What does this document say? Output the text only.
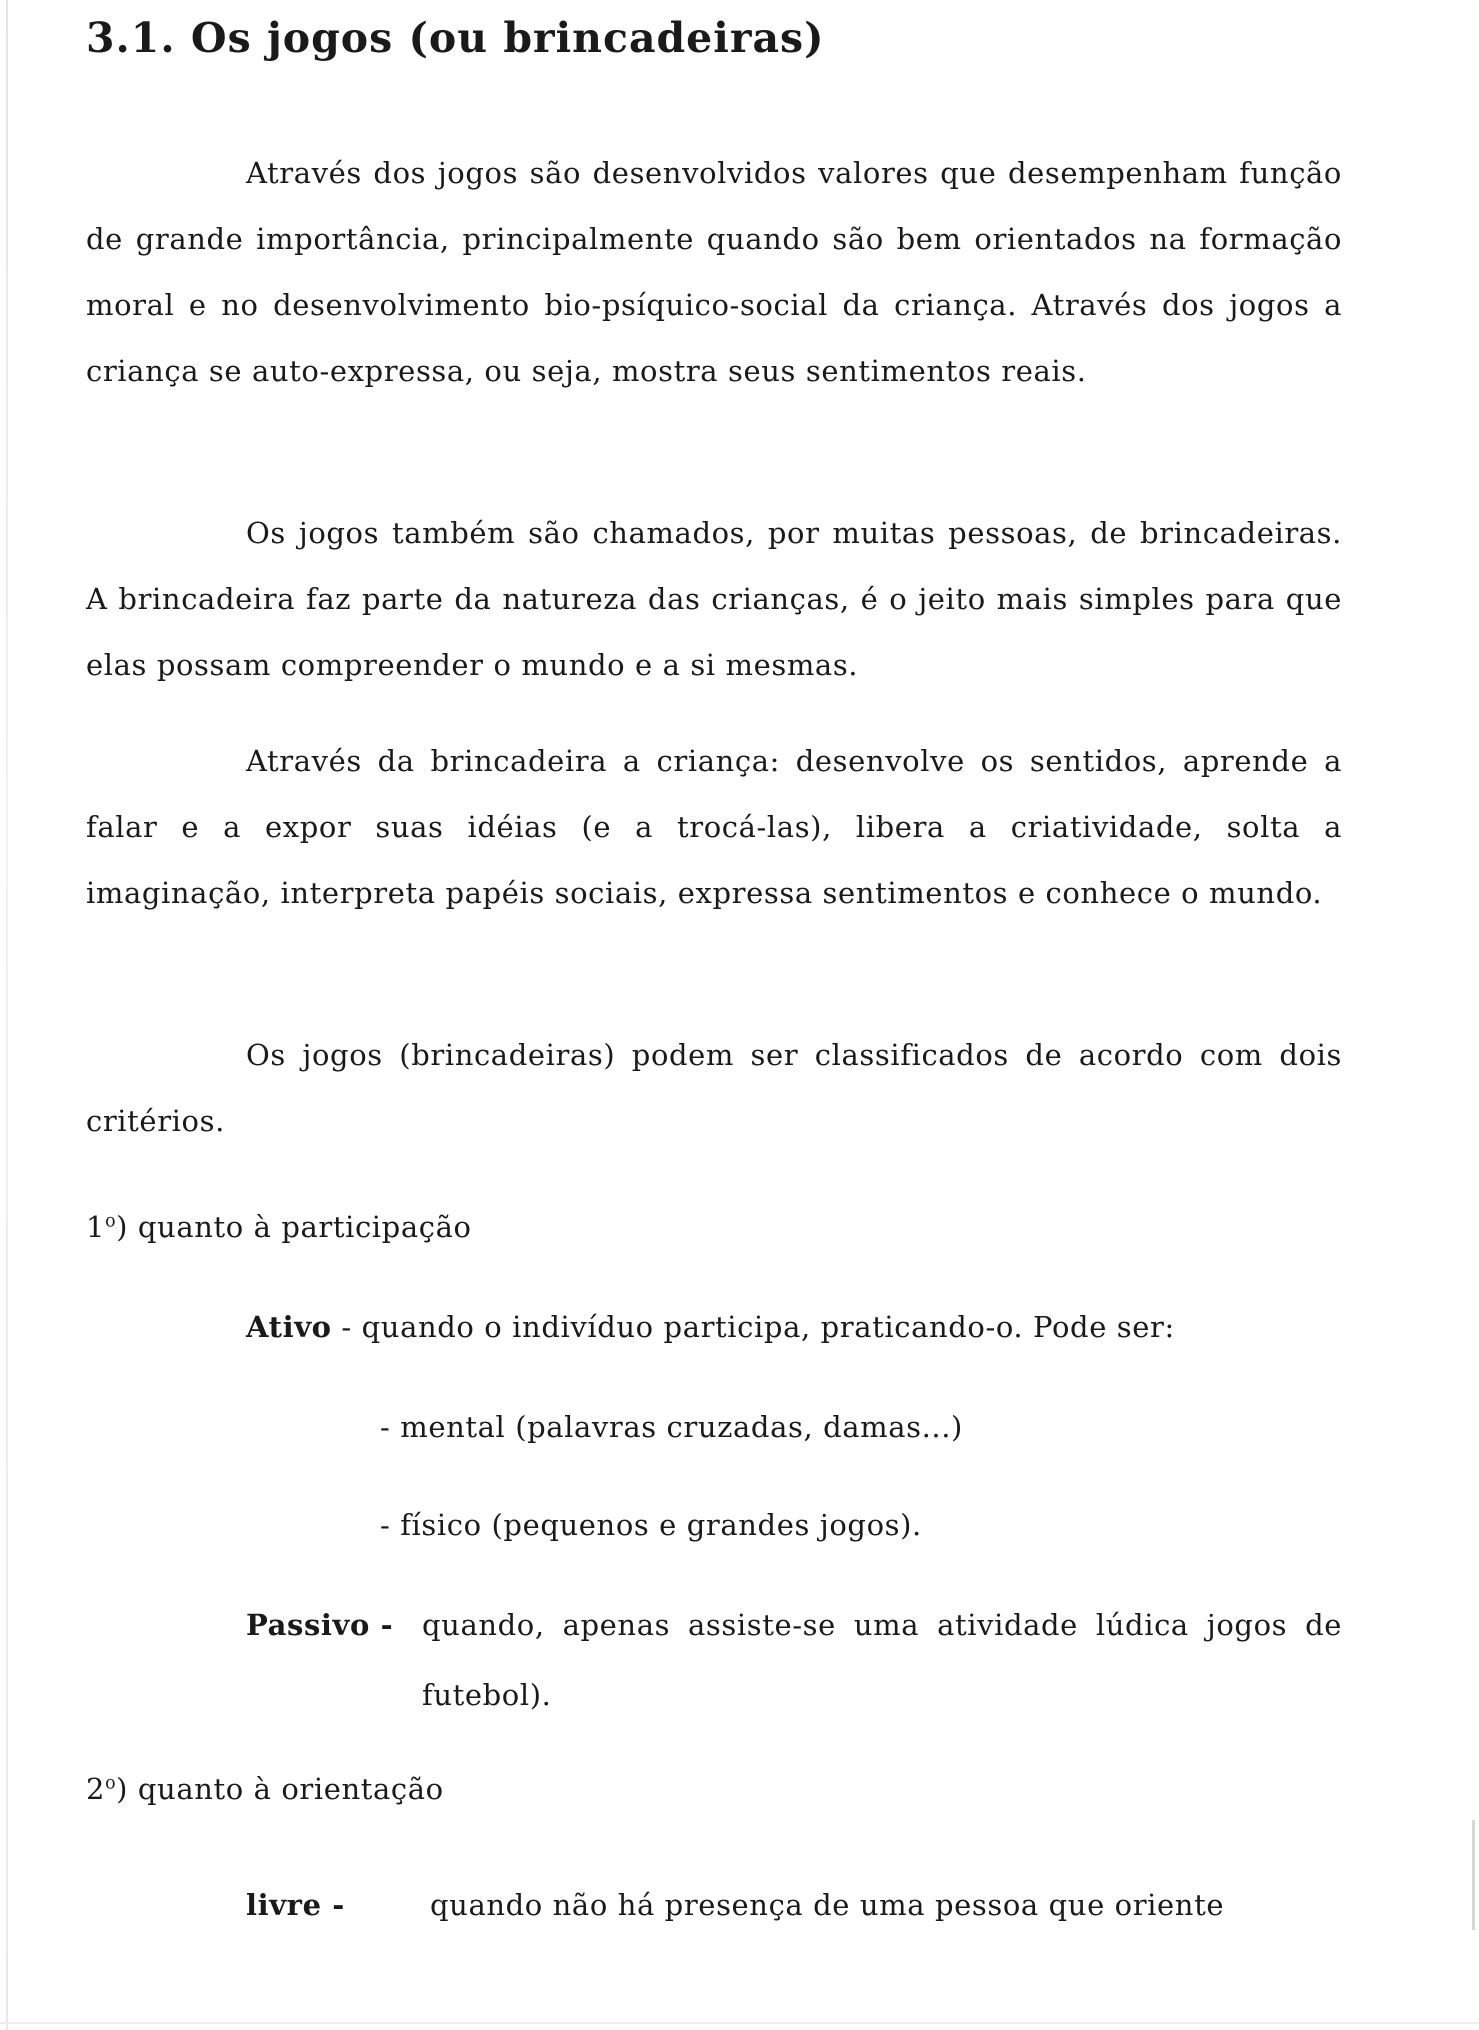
3.1. Os jogos (ou brincadeiras)

Através dos jogos são desenvolvidos valores que desempenham função de grande importância, principalmente quando são bem orientados na formação moral e no desenvolvimento bio-psíquico-social da criança. Através dos jogos a criança se auto-expressa, ou seja, mostra seus sentimentos reais.

Os jogos também são chamados, por muitas pessoas, de brincadeiras. A brincadeira faz parte da natureza das crianças, é o jeito mais simples para que elas possam compreender o mundo e a si mesmas.

Através da brincadeira a criança: desenvolve os sentidos, aprende a falar e a expor suas idéias (e a trocá-las), libera a criatividade, solta a imaginação, interpreta papéis sociais, expressa sentimentos e conhece o mundo.

Os jogos (brincadeiras) podem ser classificados de acordo com dois critérios.

1$^o$) quanto à participação

Ativo - quando o indivíduo participa, praticando-o. Pode ser:

- mental (palavras cruzadas, damas...)

- físico (pequenos e grandes jogos).

Passivo - quando, apenas assiste-se uma atividade lúdica jogos de futebol).

2$^o$) quanto à orientação

livre -	quando não há presença de uma pessoa que oriente
